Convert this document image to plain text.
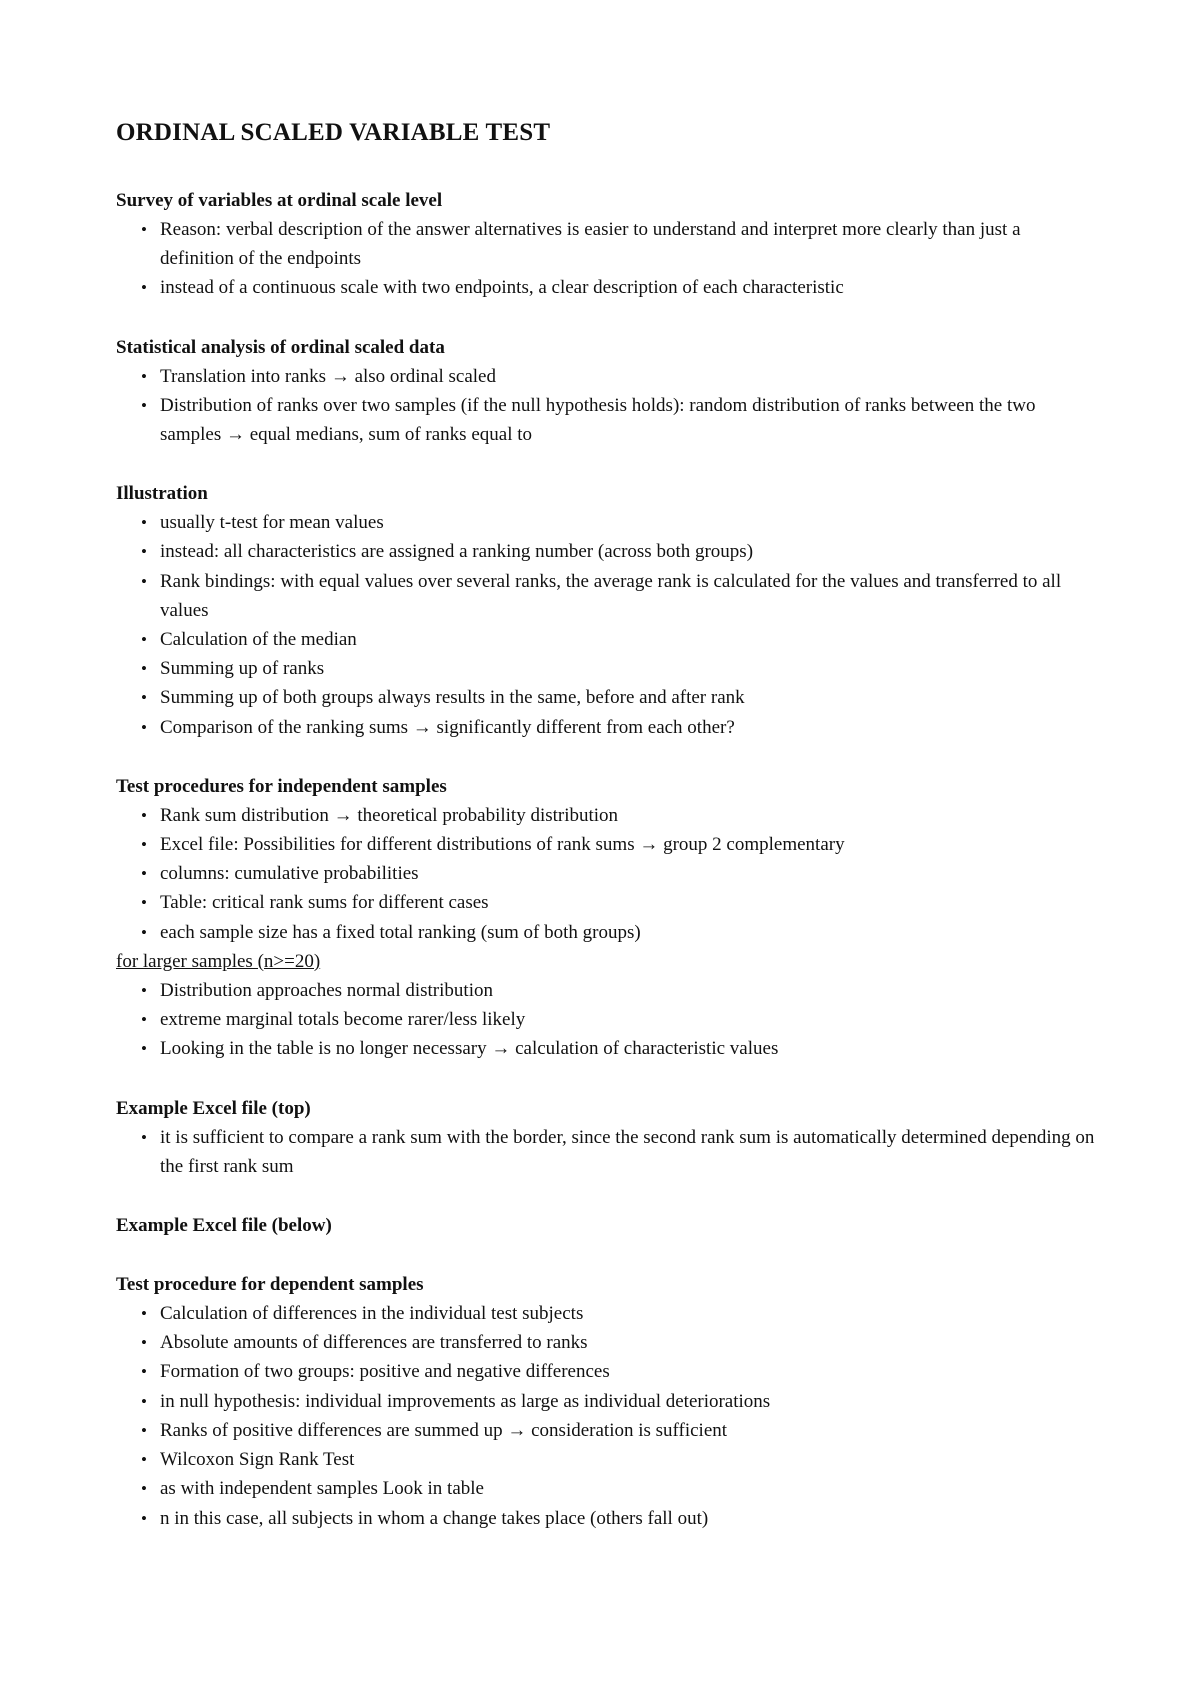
ORDINAL SCALED VARIABLE TEST

Survey of variables at ordinal scale level

• Reason: verbal description of the answer alternatives is easier to understand and interpret more clearly than just a definition of the endpoints
• instead of a continuous scale with two endpoints, a clear description of each characteristic

Statistical analysis of ordinal scaled data

• Translation into ranks → also ordinal scaled
• Distribution of ranks over two samples (if the null hypothesis holds): random distribution of ranks between the two samples → equal medians, sum of ranks equal to

Illustration

• usually t-test for mean values
• instead: all characteristics are assigned a ranking number (across both groups)
• Rank bindings: with equal values over several ranks, the average rank is calculated for the values and transferred to all values
• Calculation of the median
• Summing up of ranks
• Summing up of both groups always results in the same, before and after rank
• Comparison of the ranking sums → significantly different from each other?

Test procedures for independent samples

• Rank sum distribution → theoretical probability distribution
• Excel file: Possibilities for different distributions of rank sums → group 2 complementary
• columns: cumulative probabilities
• Table: critical rank sums for different cases
• each sample size has a fixed total ranking (sum of both groups)

for larger samples (n>=20)

• Distribution approaches normal distribution
• extreme marginal totals become rarer/less likely
• Looking in the table is no longer necessary → calculation of characteristic values

Example Excel file (top)

• it is sufficient to compare a rank sum with the border, since the second rank sum is automatically determined depending on the first rank sum

Example Excel file (below)

Test procedure for dependent samples

• Calculation of differences in the individual test subjects
• Absolute amounts of differences are transferred to ranks
• Formation of two groups: positive and negative differences
• in null hypothesis: individual improvements as large as individual deteriorations
• Ranks of positive differences are summed up → consideration is sufficient
• Wilcoxon Sign Rank Test
• as with independent samples Look in table
• n in this case, all subjects in whom a change takes place (others fall out)
